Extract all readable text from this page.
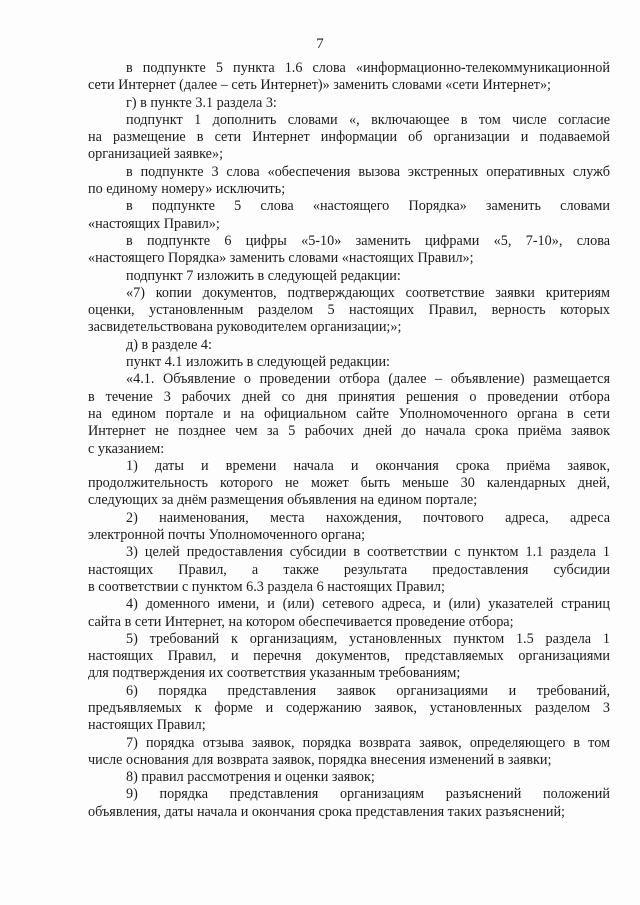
7
в подпункте 5 пункта 1.6 слова «информационно-телекоммуникационной
сети Интернет (далее – сеть Интернет)» заменить словами «сети Интернет»;
г) в пункте 3.1 раздела 3:
подпункт 1 дополнить словами «, включающее в том числе согласие
на размещение в сети Интернет информации об организации и подаваемой
организацией заявке»;
в подпункте 3 слова «обеспечения вызова экстренных оперативных служб
по единому номеру» исключить;
в подпункте 5 слова «настоящего Порядка» заменить словами
«настоящих Правил»;
в подпункте 6 цифры «5-10» заменить цифрами «5, 7-10», слова
«настоящего Порядка» заменить словами «настоящих Правил»;
подпункт 7 изложить в следующей редакции:
«7) копии документов, подтверждающих соответствие заявки критериям
оценки, установленным разделом 5 настоящих Правил, верность которых
засвидетельствована руководителем организации;»;
д) в разделе 4:
пункт 4.1 изложить в следующей редакции:
«4.1. Объявление о проведении отбора (далее – объявление) размещается
в течение 3 рабочих дней со дня принятия решения о проведении отбора
на едином портале и на официальном сайте Уполномоченного органа в сети
Интернет не позднее чем за 5 рабочих дней до начала срока приёма заявок
с указанием:
1) даты и времени начала и окончания срока приёма заявок,
продолжительность которого не может быть меньше 30 календарных дней,
следующих за днём размещения объявления на едином портале;
2) наименования, места нахождения, почтового адреса, адреса
электронной почты Уполномоченного органа;
3) целей предоставления субсидии в соответствии с пунктом 1.1 раздела 1
настоящих Правил, а также результата предоставления субсидии
в соответствии с пунктом 6.3 раздела 6 настоящих Правил;
4) доменного имени, и (или) сетевого адреса, и (или) указателей страниц
сайта в сети Интернет, на котором обеспечивается проведение отбора;
5) требований к организациям, установленных пунктом 1.5 раздела 1
настоящих Правил, и перечня документов, представляемых организациями
для подтверждения их соответствия указанным требованиям;
6) порядка представления заявок организациями и требований,
предъявляемых к форме и содержанию заявок, установленных разделом 3
настоящих Правил;
7) порядка отзыва заявок, порядка возврата заявок, определяющего в том
числе основания для возврата заявок, порядка внесения изменений в заявки;
8) правил рассмотрения и оценки заявок;
9) порядка представления организациям разъяснений положений
объявления, даты начала и окончания срока представления таких разъяснений;
